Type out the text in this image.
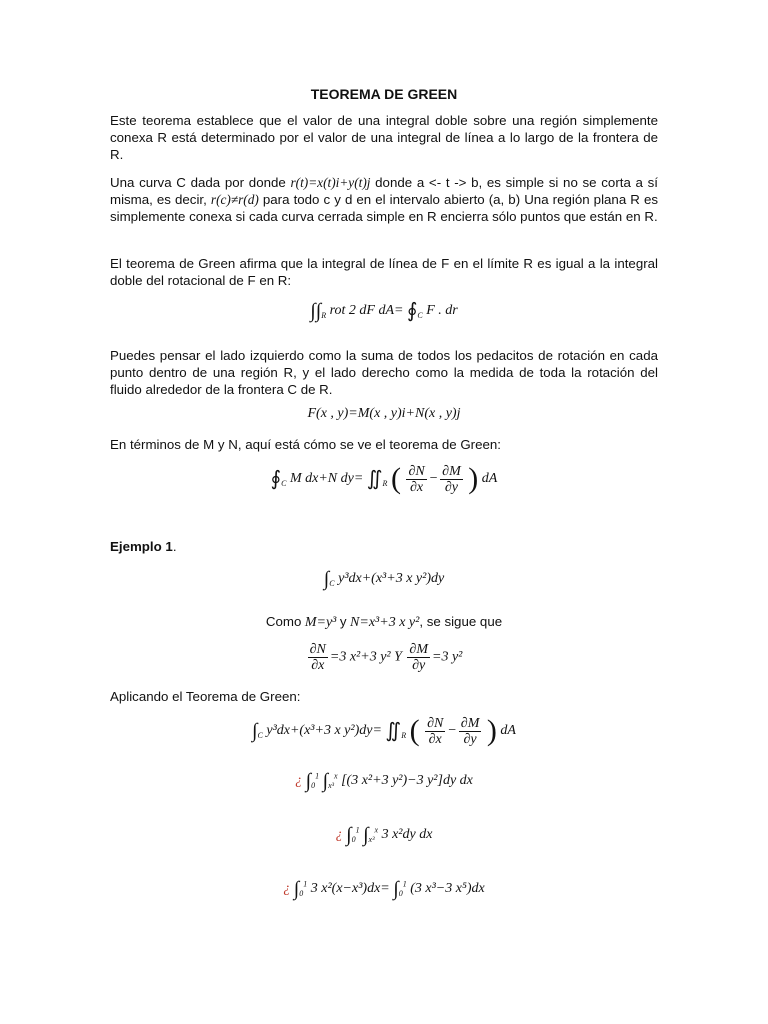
TEOREMA DE GREEN
Este teorema establece que el valor de una integral doble sobre una región simplemente conexa R está determinado por el valor de una integral de línea a lo largo de la frontera de R.
Una curva C dada por donde r(t)=x(t)i+y(t)j donde a <- t -> b, es simple si no se corta a sí misma, es decir, r(c)≠r(d) para todo c y d en el intervalo abierto (a, b) Una región plana R es simplemente conexa si cada curva cerrada simple en R encierra sólo puntos que están en R.
El teorema de Green afirma que la integral de línea de F en el límite R es igual a la integral doble del rotacional de F en R:
$\int\int_R$ rot 2 dF $dA= ∮_C$ F . dr
Puedes pensar el lado izquierdo como la suma de todos los pedacitos de rotación en cada punto dentro de una región R, y el lado derecho como la medida de toda la rotación del fluido alrededor de la frontera C de R.
F(x , y)=M(x , y)i+N(x , y)j
En términos de M y N, aquí está cómo se ve el teorema de Green:
$∮_C$ M dx+N $dy= ∬_R$ ( $\frac{\partial N}{\partial x} - \frac{\partial M}{\partial y}$ ) dA
Ejemplo 1.
$\int_C$ y³dx+(x³+3 x y²)dy
Como M=y³ y N=x³+3 x y², se sigue que
$\frac{\partial N}{\partial x} =3$ x²+3 y² Y $\frac{\partial M}{\partial y} =3$ y²
Aplicando el Teorema de Green:
$\int_C$ y³dx+(x³+3 x $y^2)dy= ∬_R$ ( $\frac{\partial N}{\partial x} - \frac{\partial M}{\partial y}$ ) dA
¿ $\int_0^1$ $\int_{x^3}^x$ [(3 x²+3 y²)−3 y²]dy dx
¿ $\int_0^1$ $\int_{x^3}^x$ 3 x²dy dx
¿ $\int_0^1$ 3 $x^2(x-x^3)dx= \int_0^1$ (3 x³−3 x⁵)dx
